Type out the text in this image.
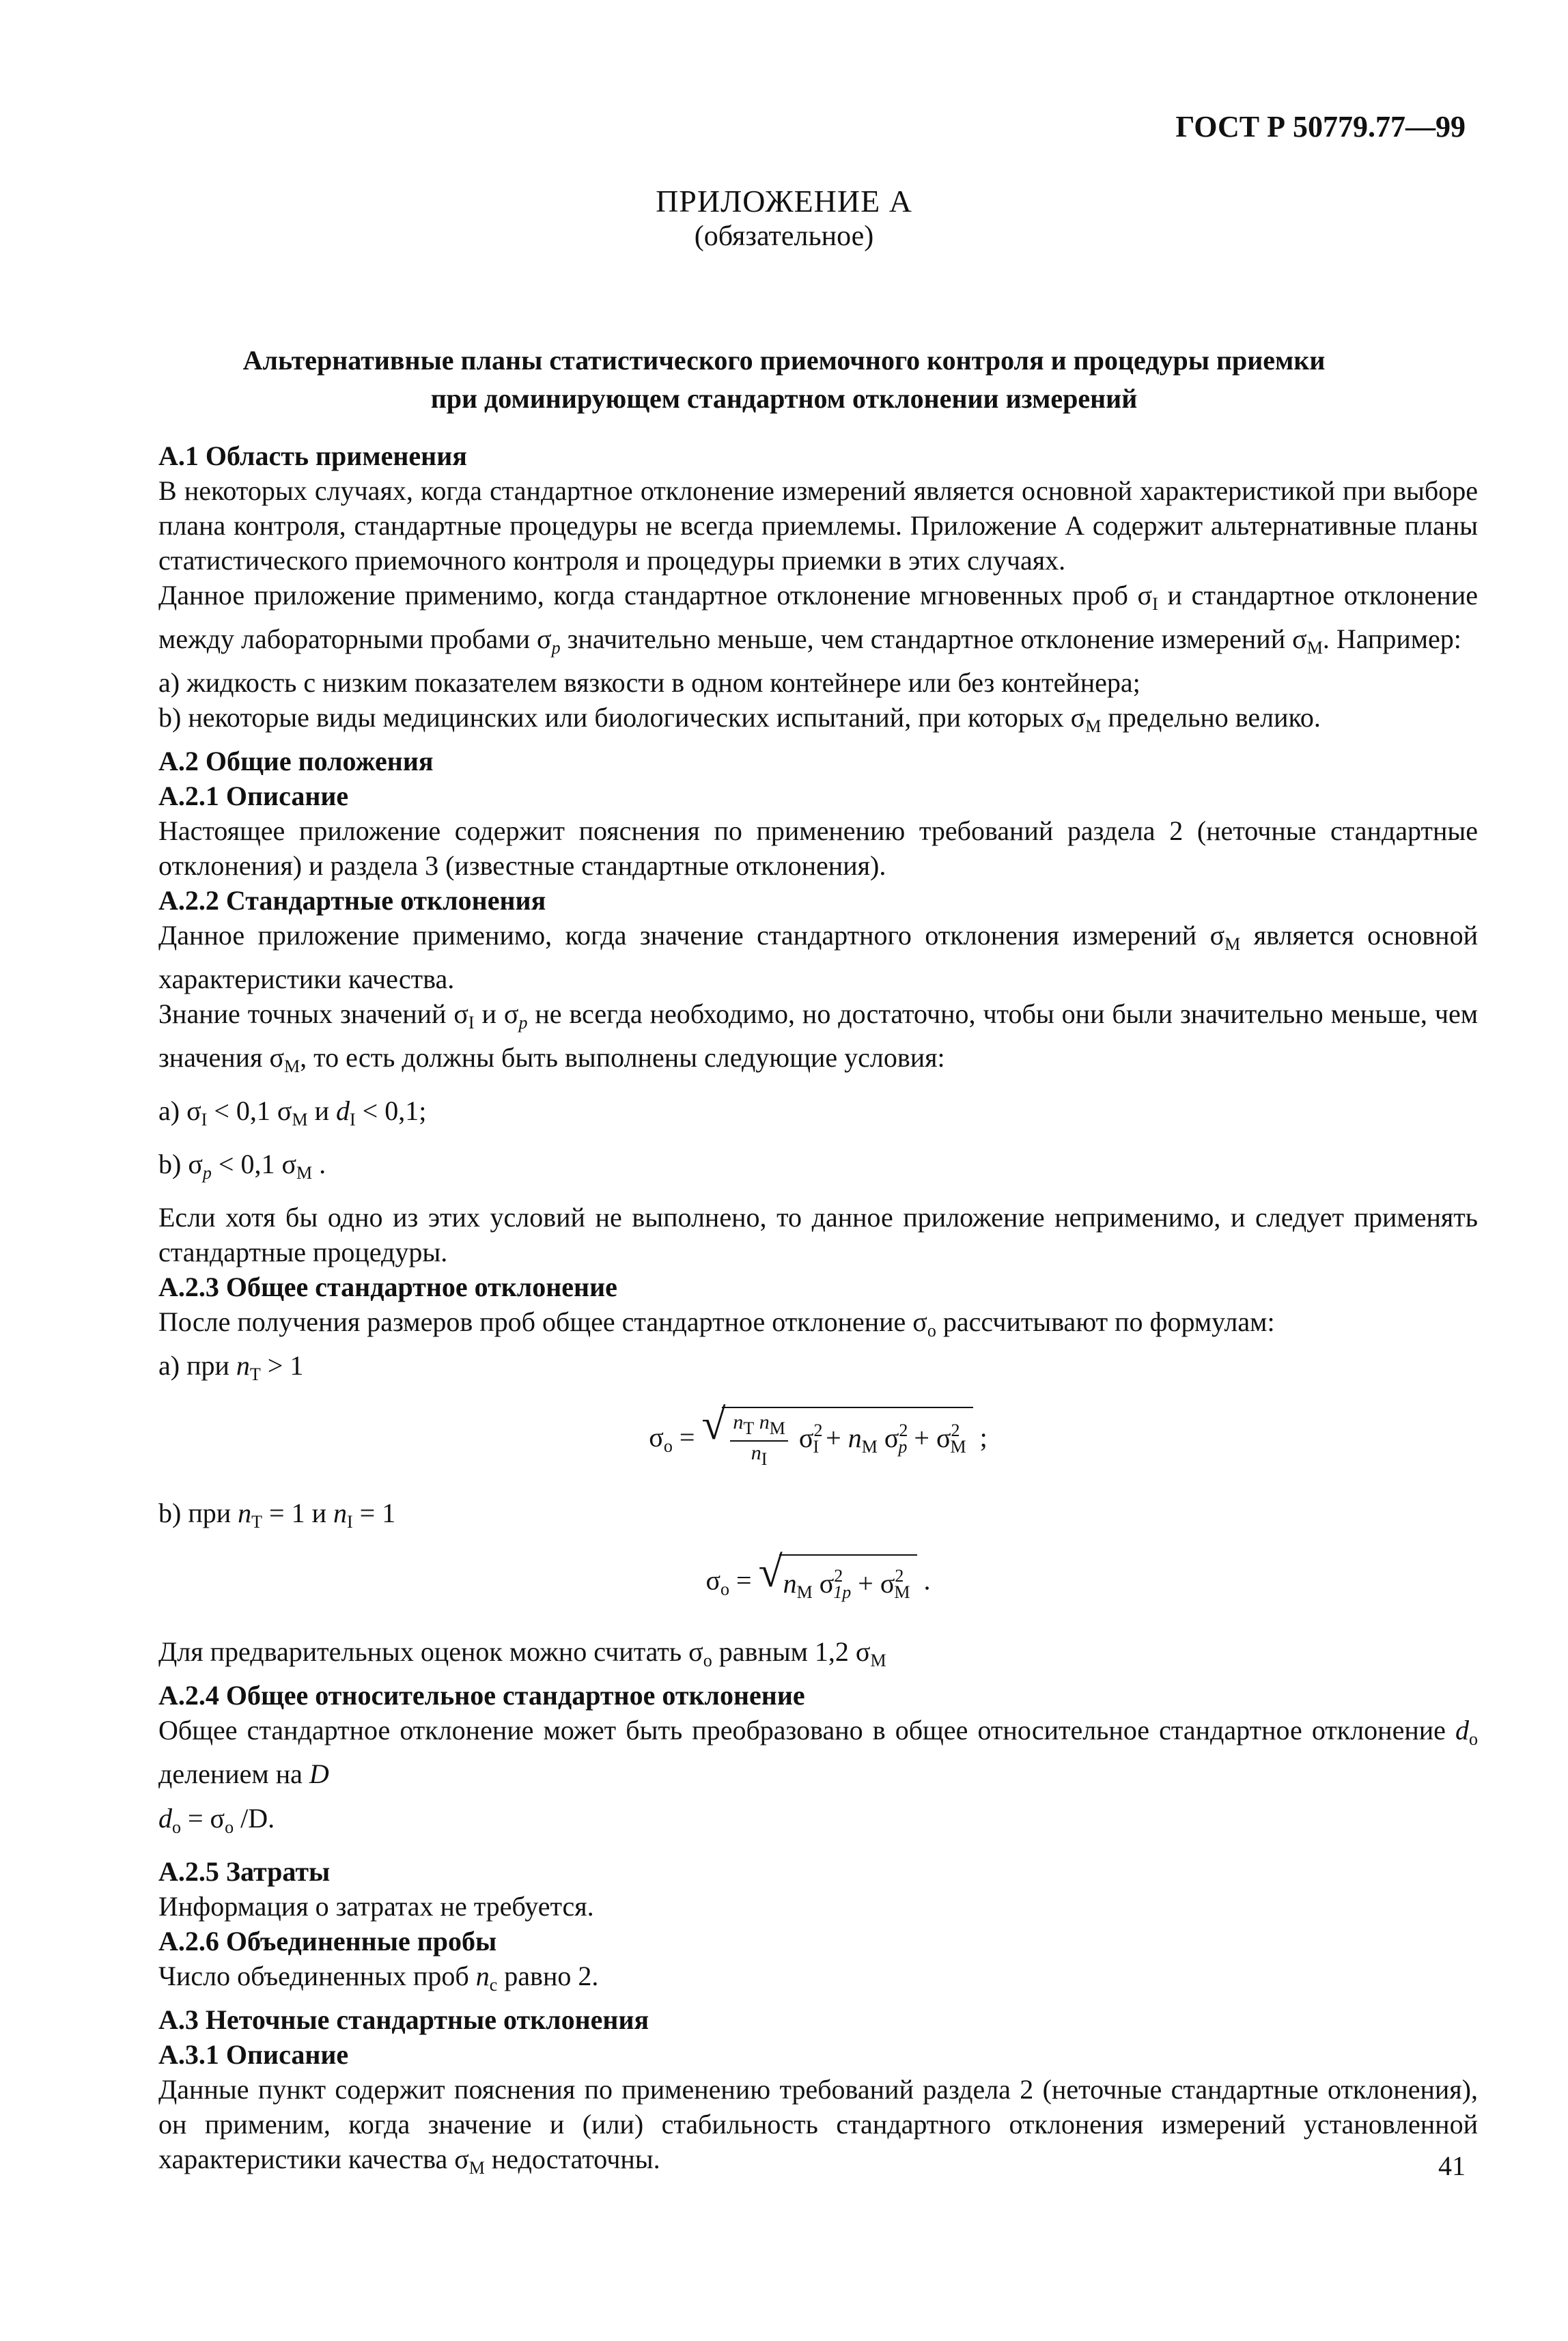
ГОСТ Р 50779.77—99
ПРИЛОЖЕНИЕ А
(обязательное)
Альтернативные планы статистического приемочного контроля и процедуры приемки
при доминирующем стандартном отклонении измерений

А.1 Область применения

В некоторых случаях, когда стандартное отклонение измерений является основной характеристикой при выборе плана контроля, стандартные процедуры не всегда приемлемы. Приложение А содержит альтернативные планы статистического приемочного контроля и процедуры приемки в этих случаях.

Данное приложение применимо, когда стандартное отклонение мгновенных проб $\sigma_I$ и стандартное отклонение между лабораторными пробами $\sigma_p$ значительно меньше, чем стандартное отклонение измерений $\sigma_М$. Например:

a) жидкость с низким показателем вязкости в одном контейнере или без контейнера;

b) некоторые виды медицинских или биологических испытаний, при которых $\sigma_М$ предельно велико.

А.2 Общие положения

А.2.1 Описание

Настоящее приложение содержит пояснения по применению требований раздела 2 (неточные стандартные отклонения) и раздела 3 (известные стандартные отклонения).

А.2.2 Стандартные отклонения

Данное приложение применимо, когда значение стандартного отклонения измерений $\sigma_М$ является основной характеристики качества.

Знание точных значений $\sigma_I$ и $\sigma_p$ не всегда необходимо, но достаточно, чтобы они были значительно меньше, чем значения $\sigma_М$, то есть должны быть выполнены следующие условия:

a) $\sigma_I < 0,1$ $\sigma_М$ и $d_I < 0,1$;

b) $\sigma_p < 0,1$ $\sigma_М$ .

Если хотя бы одно из этих условий не выполнено, то данное приложение неприменимо, и следует применять стандартные процедуры.

А.2.3 Общее стандартное отклонение

После получения размеров проб общее стандартное отклонение $\sigma_о$ рассчитывают по формулам:

a) при $n_Т > 1$

$\sigma_о$ = √ $\frac{\text{nТ nМ}}{nI} \sigma^2_I + n_М$ $\sigma^2_p + \sigma^2_М$ ;

b) при $n_Т = 1$ и $n_I = 1$

$\sigma_о$ = √ $n_М$ $\sigma^2_{1p} + \sigma^2_М$ .

Для предварительных оценок можно считать $\sigma_о$ равным 1,2 $\sigma_М$

А.2.4 Общее относительное стандартное отклонение

Общее стандартное отклонение может быть преобразовано в общее относительное стандартное отклонение $d_о$ делением на D

$d_о = \sigma_о$ /D.

А.2.5 Затраты

Информация о затратах не требуется.

А.2.6 Объединенные пробы

Число объединенных проб $n_с$ равно 2.

А.3 Неточные стандартные отклонения

А.3.1 Описание

Данные пункт содержит пояснения по применению требований раздела 2 (неточные стандартные отклонения), он применим, когда значение и (или) стабильность стандартного отклонения измерений установленной характеристики качества $\sigma_М$ недостаточны.	41
